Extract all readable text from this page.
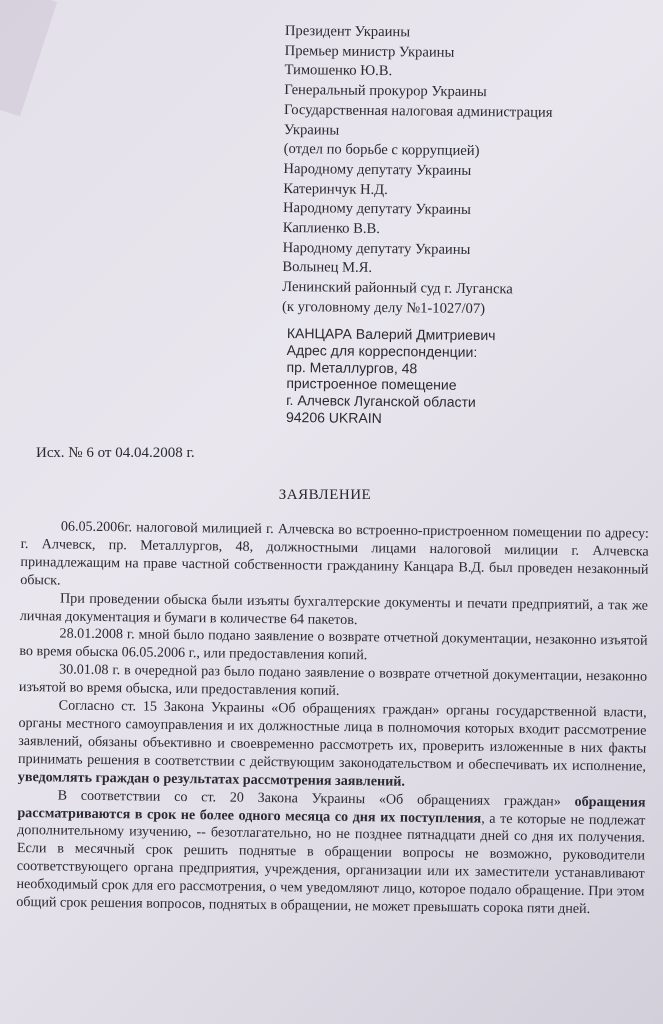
Президент Украины
Премьер министр Украины
Тимошенко Ю.В.
Генеральный прокурор Украины
Государственная налоговая администрация
Украины
(отдел по борьбе с коррупцией)
Народному депутату Украины
Катеринчук Н.Д.
Народному депутату Украины
Каплиенко В.В.
Народному депутату Украины
Волынец М.Я.
Ленинский районный суд г. Луганска
(к уголовному делу №1-1027/07)
КАНЦАРА Валерий Дмитриевич
Адрес для корреспонденции:
пр. Металлургов, 48
пристроенное помещение
г. Алчевск Луганской области
94206 UKRAIN
Исх. № 6 от 04.04.2008 г.
ЗАЯВЛЕНИЕ

06.05.2006г. налоговой милицией г. Алчевска во встроенно-пристроенном помещении по адресу: г. Алчевск, пр. Металлургов, 48, должностными лицами налоговой милиции г. Алчевска принадлежащим на праве частной собственности гражданину Канцара В.Д. был проведен незаконный обыск.

При проведении обыска были изъяты бухгалтерские документы и печати предприятий, а так же личная документация и бумаги в количестве 64 пакетов.

28.01.2008 г. мной было подано заявление о возврате отчетной документации, незаконно изъятой во время обыска 06.05.2006 г., или предоставления копий.

30.01.08 г. в очередной раз было подано заявление о возврате отчетной документации, незаконно изъятой во время обыска, или предоставления копий.

Согласно ст. 15 Закона Украины «Об обращениях граждан» органы государственной власти, органы местного самоуправления и их должностные лица в полномочия которых входит рассмотрение заявлений, обязаны объективно и своевременно рассмотреть их, проверить изложенные в них факты принимать решения в соответствии с действующим законодательством и обеспечивать их исполнение, уведомлять граждан о результатах рассмотрения заявлений.

В соответствии со ст. 20 Закона Украины «Об обращениях граждан» обращения рассматриваются в срок не более одного месяца со дня их поступления, а те которые не подлежат дополнительному изучению, -- безотлагательно, но не позднее пятнадцати дней со дня их получения. Если в месячный срок решить поднятые в обращении вопросы не возможно, руководители соответствующего органа предприятия, учреждения, организации или их заместители устанавливают необходимый срок для его рассмотрения, о чем уведомляют лицо, которое подало обращение. При этом общий срок решения вопросов, поднятых в обращении, не может превышать сорока пяти дней.
